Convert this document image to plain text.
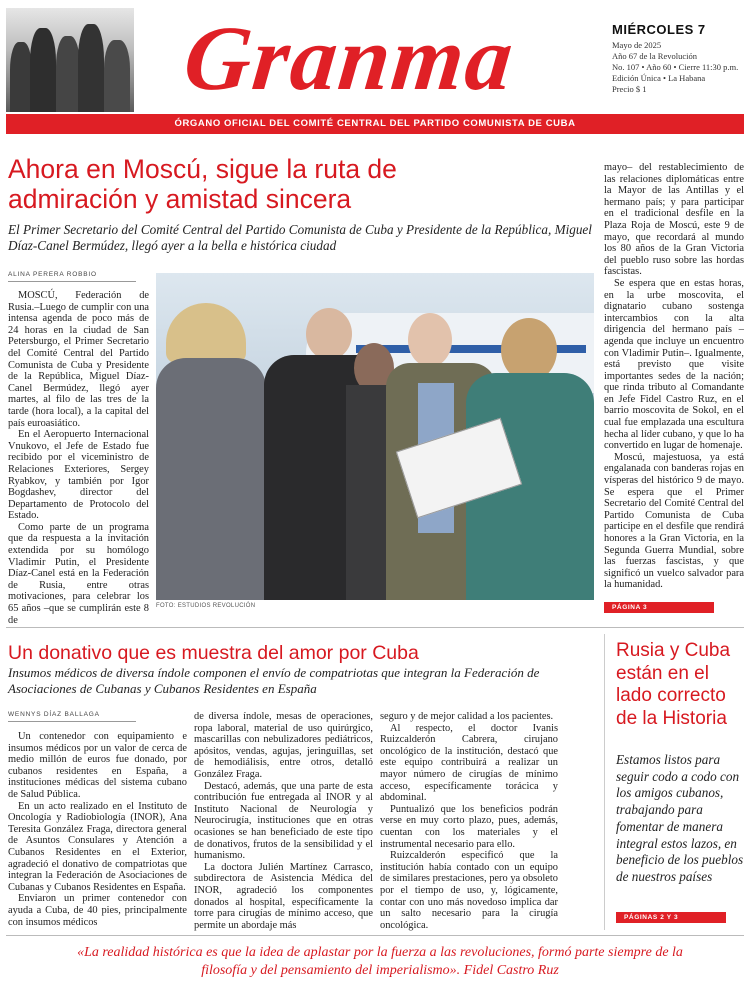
Granma	MIÉRCOLES 7
Mayo de 2025
Año 67 de la Revolución
No. 107 • Año 60 • Cierre 11:30 p.m.
Edición Única • La Habana
Precio $ 1
ÓRGANO OFICIAL DEL COMITÉ CENTRAL DEL PARTIDO COMUNISTA DE CUBA
Ahora en Moscú, sigue la ruta de admiración y amistad sincera
El Primer Secretario del Comité Central del Partido Comunista de Cuba y Presidente de la República, Miguel Díaz-Canel Bermúdez, llegó ayer a la bella e histórica ciudad
ALINA PERERA ROBBIO

MOSCÚ, Federación de Rusia.–Luego de cumplir con una intensa agenda de poco más de 24 horas en la ciudad de San Petersburgo, el Primer Secretario del Comité Central del Partido Comunista de Cuba y Presidente de la República, Miguel Díaz-Canel Bermúdez, llegó ayer martes, al filo de las tres de la tarde (hora local), a la capital del país euroasiático.

En el Aeropuerto Internacional Vnukovo, el Jefe de Estado fue recibido por el viceministro de Relaciones Exteriores, Sergey Ryabkov, y también por Igor Bogdashev, director del Departamento de Protocolo del Estado.

Como parte de un programa que da respuesta a la invitación extendida por su homólogo Vladimir Putin, el Presidente Díaz-Canel está en la Federación de Rusia, entre otras motivaciones, para celebrar los 65 años –que se cumplirán este 8 de

FOTO: ESTUDIOS REVOLUCIÓN

mayo– del restablecimiento de las relaciones diplomáticas entre la Mayor de las Antillas y el hermano país; y para participar en el tradicional desfile en la Plaza Roja de Moscú, este 9 de mayo, que recordará al mundo los 80 años de la Gran Victoria del pueblo ruso sobre las hordas fascistas.

Se espera que en estas horas, en la urbe moscovita, el dignatario cubano sostenga intercambios con la alta dirigencia del hermano país –agenda que incluye un encuentro con Vladimir Putin–. Igualmente, está previsto que visite importantes sedes de la nación; que rinda tributo al Comandante en Jefe Fidel Castro Ruz, en el barrio moscovita de Sokol, en el cual fue emplazada una escultura hecha al líder cubano, y que lo ha convertido en lugar de homenaje.

Moscú, majestuosa, ya está engalanada con banderas rojas en vísperas del histórico 9 de mayo. Se espera que el Primer Secretario del Comité Central del Partido Comunista de Cuba participe en el desfile que rendirá honores a la Gran Victoria, en la Segunda Guerra Mundial, sobre las fuerzas fascistas, y que significó un vuelco salvador para la humanidad.

PÁGINA 3
Un donativo que es muestra del amor por Cuba
Insumos médicos de diversa índole componen el envío de compatriotas que integran la Federación de Asociaciones de Cubanas y Cubanos Residentes en España
WENNYS DÍAZ BALLAGA

Un contenedor con equipamiento e insumos médicos por un valor de cerca de medio millón de euros fue donado, por cubanos residentes en España, a instituciones médicas del sistema cubano de Salud Pública.

En un acto realizado en el Instituto de Oncología y Radiobiología (INOR), Ana Teresita González Fraga, directora general de Asuntos Consulares y Atención a Cubanos Residentes en el Exterior, agradeció el donativo de compatriotas que integran la Federación de Asociaciones de Cubanas y Cubanos Residentes en España.

Enviaron un primer contenedor con ayuda a Cuba, de 40 pies, principalmente con insumos médicos

de diversa índole, mesas de operaciones, ropa laboral, material de uso quirúrgico, mascarillas con nebulizadores pediátricos, apósitos, vendas, agujas, jeringuillas, set de hemodiálisis, entre otros, detalló González Fraga.

Destacó, además, que una parte de esta contribución fue entregada al INOR y al Instituto Nacional de Neurología y Neurocirugía, instituciones que en otras ocasiones se han beneficiado de este tipo de donativos, frutos de la sensibilidad y el humanismo.

La doctora Julién Martínez Carrasco, subdirectora de Asistencia Médica del INOR, agradeció los componentes donados al hospital, específicamente la torre para cirugías de mínimo acceso, que permite un abordaje más

seguro y de mejor calidad a los pacientes.

Al respecto, el doctor Ivanis Ruizcalderón Cabrera, cirujano oncológico de la institución, destacó que este equipo contribuirá a realizar un mayor número de cirugías de mínimo acceso, específicamente torácica y abdominal.

Puntualizó que los beneficios podrán verse en muy corto plazo, pues, además, cuentan con los materiales y el instrumental necesario para ello.

Ruizcalderón especificó que la institución había contado con un equipo de similares prestaciones, pero ya obsoleto por el tiempo de uso, y, lógicamente, contar con uno más novedoso implica dar un salto necesario para la cirugía oncológica.

Rusia y Cuba están en el lado correcto de la Historia
Estamos listos para seguir codo a codo con los amigos cubanos, trabajando para fomentar de manera integral estos lazos, en beneficio de los pueblos de nuestros países
PÁGINAS 2 Y 3
«La realidad histórica es que la idea de aplastar por la fuerza a las revoluciones, formó parte siempre de la filosofía y del pensamiento del imperialismo». Fidel Castro Ruz
